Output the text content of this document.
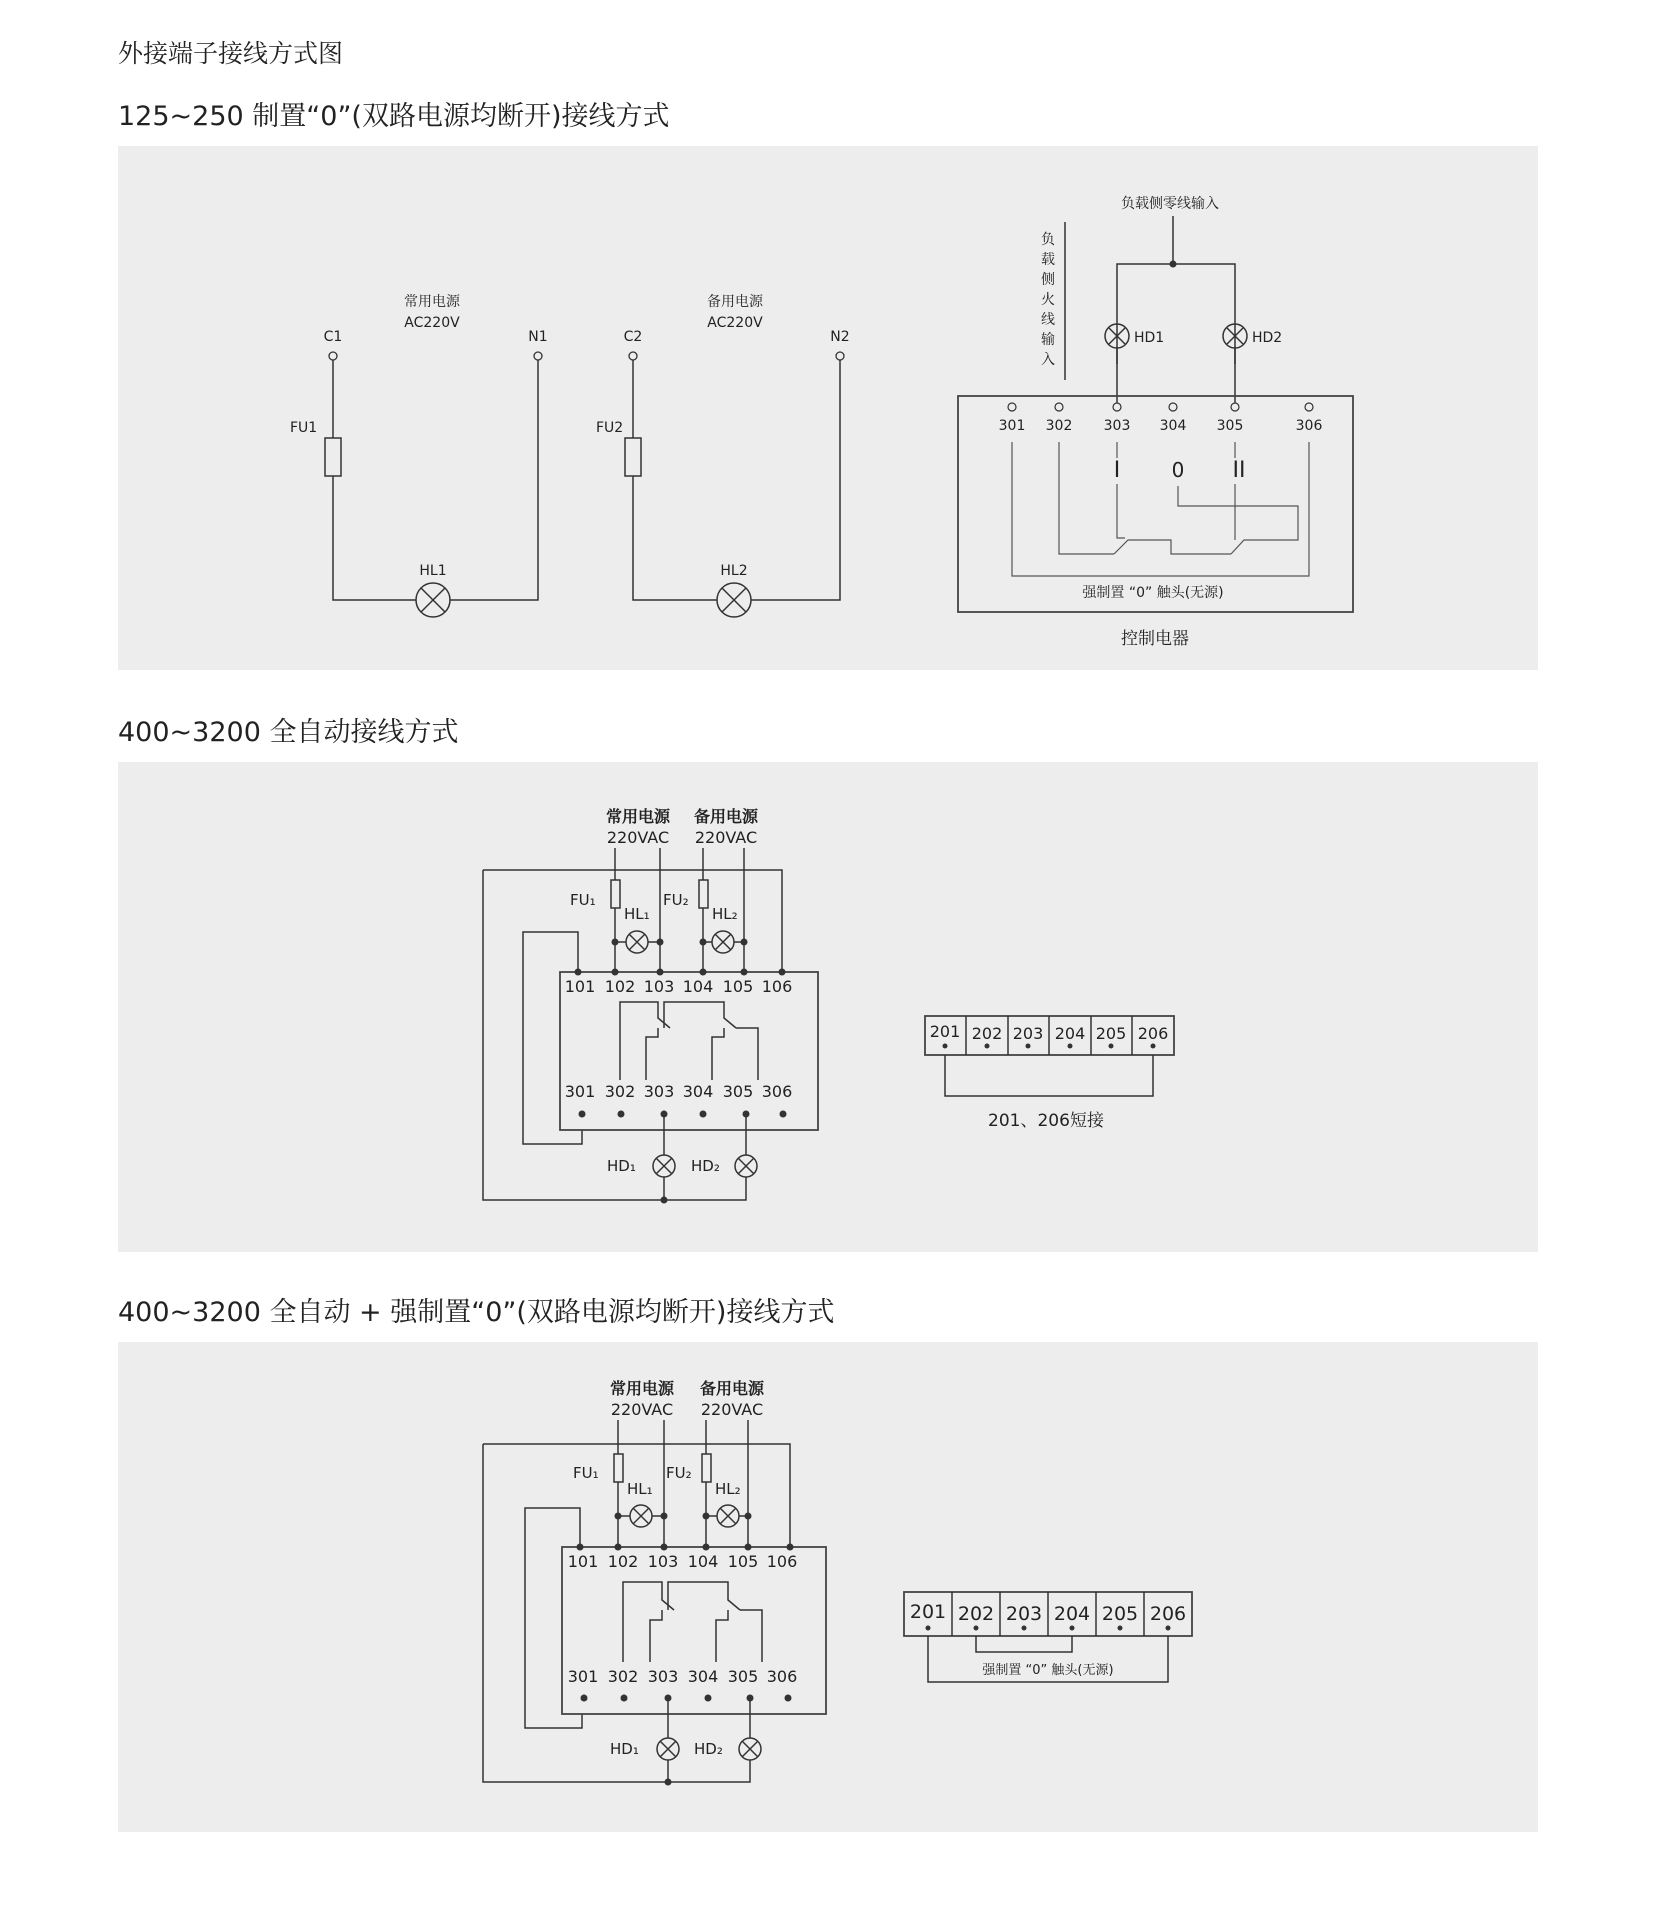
外接端子接线方式图
125~250 制置“0”(双路电源均断开)接线方式
常用电源
AC220V
C1	N1
FU1
HL1
备用电源
AC220V
C2	N2
FU2
HL2
负载侧零线输入
负
载
侧
火
线
输
入
HD1	HD2
301 302 303 304 305	306
I	0 II
强制置 “0” 触头(无源)
控制电器
400~3200 全自动接线方式
常用电源 备用电源
220VAC 220VAC
FU₁
HL₁
FU₂
HL₂
101 102 103 104 105 106
301 302 303 304 305 306
HD₁	HD₂
201 202 203 204 205 206
201、206短接
400~3200 全自动 + 强制置“0”(双路电源均断开)接线方式
常用电源 备用电源
220VAC 220VAC
FU₁
HL₁
FU₂
HL₂
101 102 103 104 105 106
301 302 303 304 305 306
HD₁	HD₂
201 202 203 204 205 206
强制置 “0” 触头(无源)
